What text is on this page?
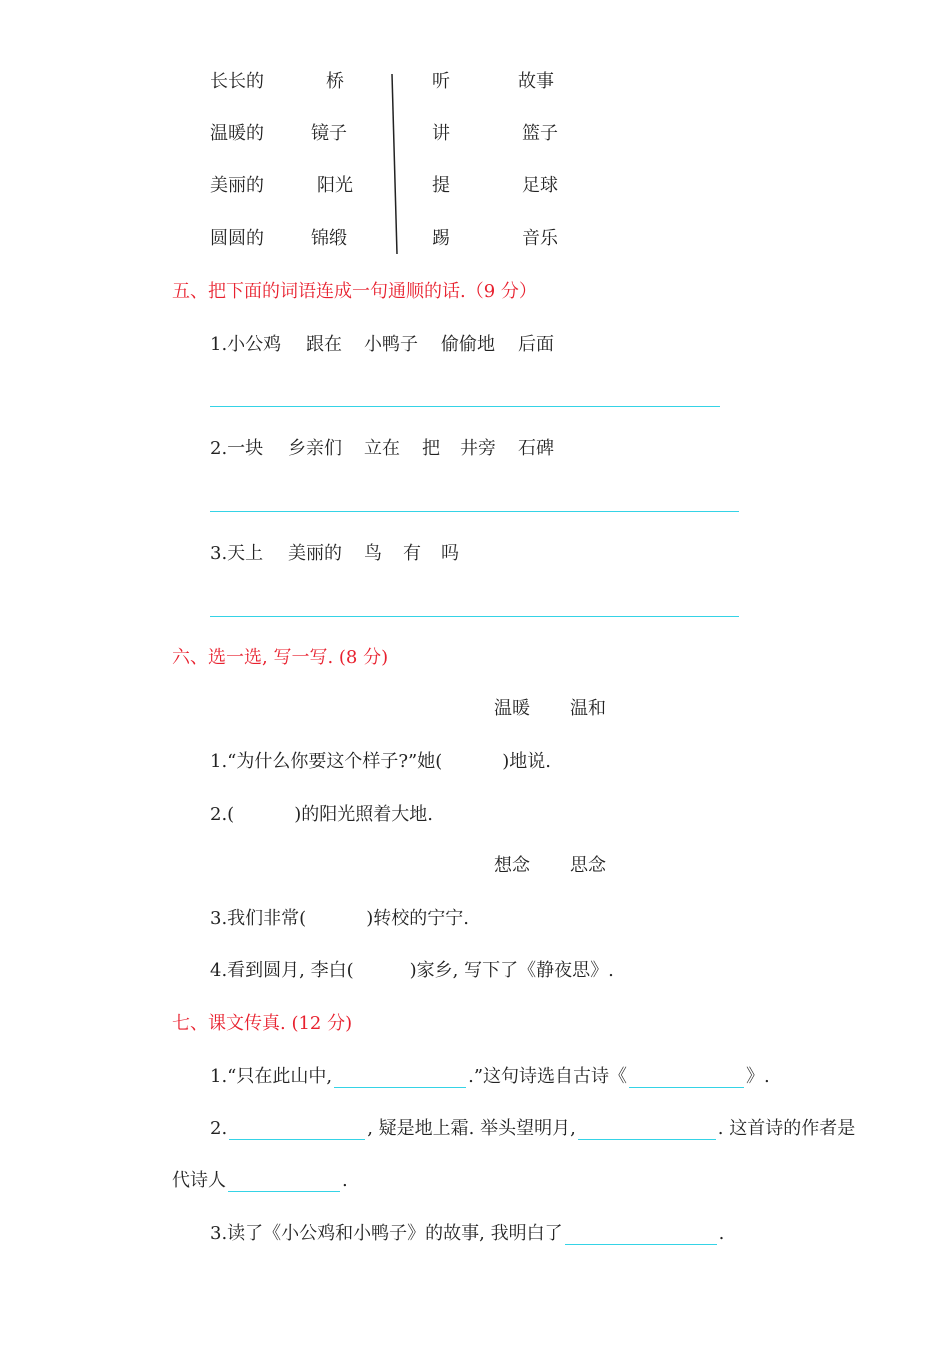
长长的	桥
温暖的	镜子
美丽的	阳光
圆圆的	锦缎
听	故事
讲	篮子
提	足球
踢	音乐
五、把下面的词语连成一句通顺的话.（9 分）
1.小公鸡 跟在 小鸭子 偷偷地 后面
2.一块 乡亲们 立在 把 井旁 石碑
3.天上 美丽的 鸟 有 吗
六、选一选, 写一写. (8 分)
温暖 温和
1.“为什么你要这个样子?”她(	)地说.
2.(	)的阳光照着大地.
想念 思念
3.我们非常(	)转校的宁宁.
4.看到圆月, 李白(	)家乡, 写下了《静夜思》.
七、课文传真. (12 分)
1.“只在此山中,	.”这句诗选自古诗《	》.
2.	, 疑是地上霜. 举头望明月,	. 这首诗的作者是
代诗人	.
3.读了《小公鸡和小鸭子》的故事, 我明白了	.
